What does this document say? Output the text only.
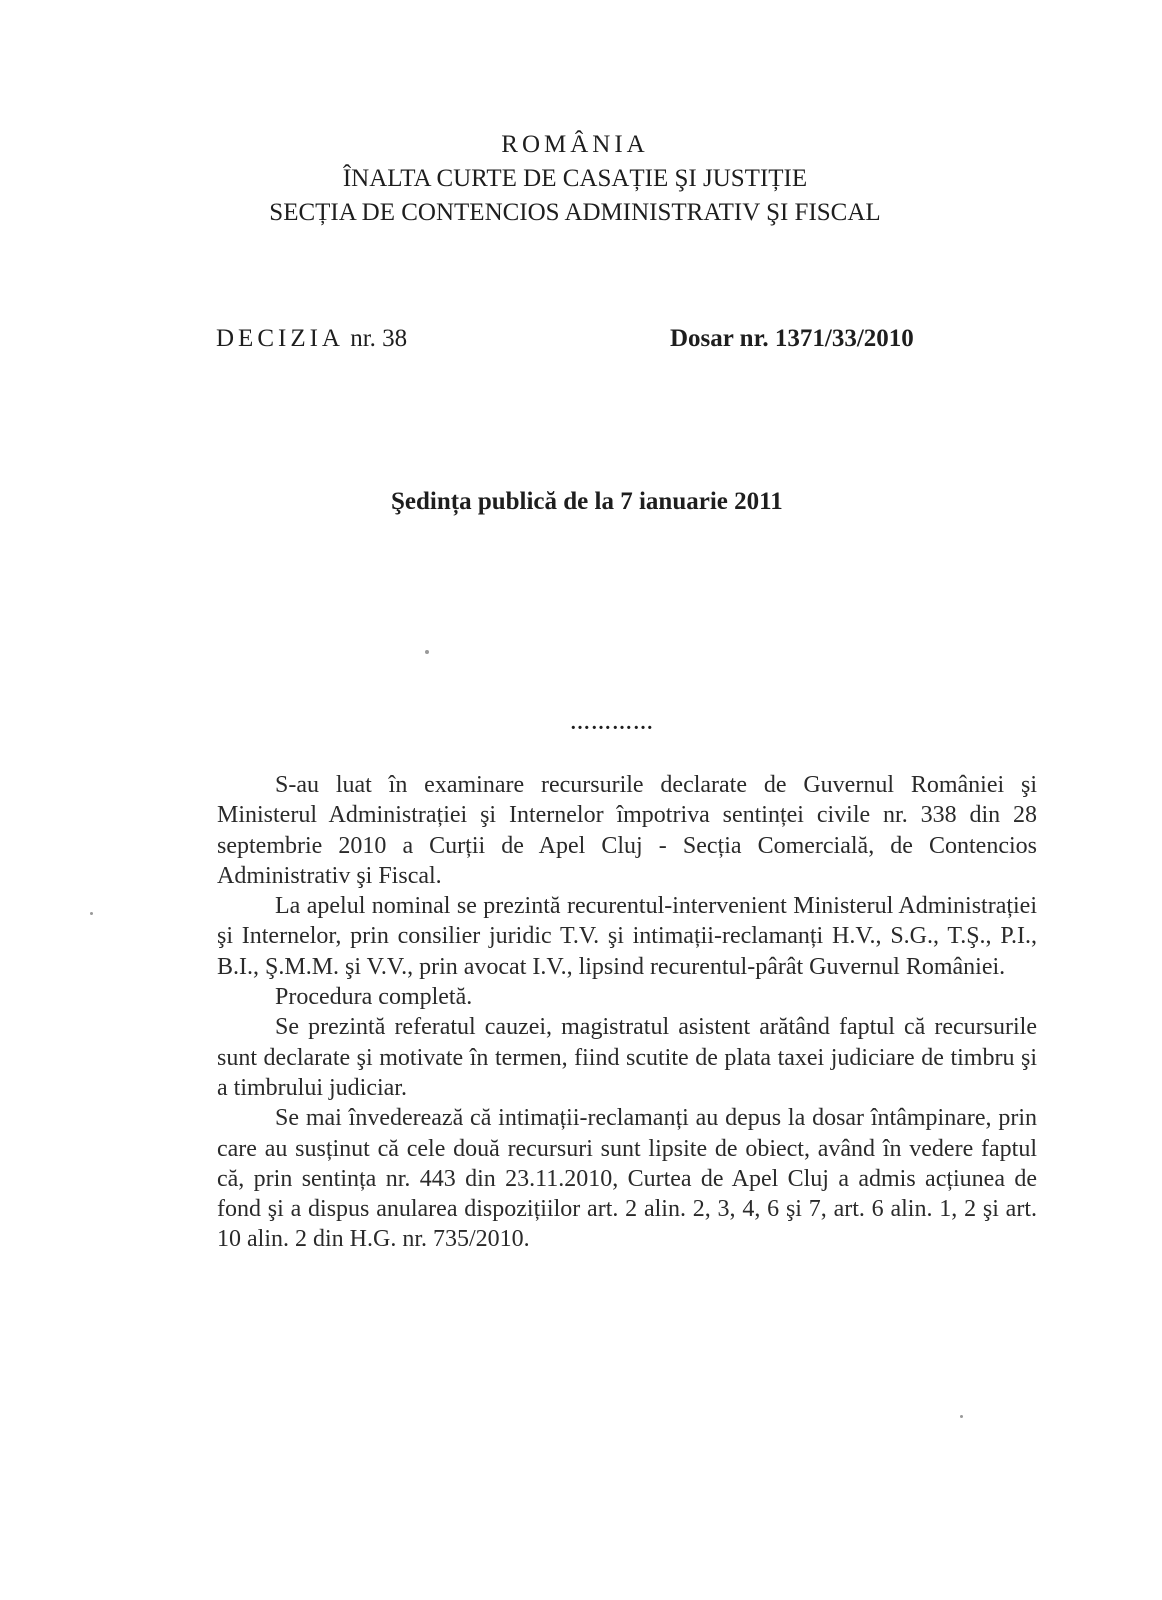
ROMÂNIA
ÎNALTA CURTE DE CASAȚIE ŞI JUSTIȚIE
SECȚIA DE CONTENCIOS ADMINISTRATIV ŞI FISCAL
DECIZIA nr. 38	Dosar nr. 1371/33/2010
Şedința publică de la 7 ianuarie 2011
…………

S-au luat în examinare recursurile declarate de Guvernul României şi Ministerul Administrației şi Internelor împotriva sentinței civile nr. 338 din 28 septembrie 2010 a Curții de Apel Cluj - Secția Comercială, de Contencios Administrativ şi Fiscal.

La apelul nominal se prezintă recurentul-intervenient Ministerul Administrației şi Internelor, prin consilier juridic T.V. şi intimații-reclamanți H.V., S.G., T.Ş., P.I., B.I., Ş.M.M. şi V.V., prin avocat I.V., lipsind recurentul-pârât Guvernul României.

Procedura completă.

Se prezintă referatul cauzei, magistratul asistent arătând faptul că recursurile sunt declarate şi motivate în termen, fiind scutite de plata taxei judiciare de timbru şi a timbrului judiciar.

Se mai învederează că intimații-reclamanți au depus la dosar întâmpinare, prin care au susținut că cele două recursuri sunt lipsite de obiect, având în vedere faptul că, prin sentința nr. 443 din 23.11.2010, Curtea de Apel Cluj a admis acțiunea de fond şi a dispus anularea dispozițiilor art. 2 alin. 2, 3, 4, 6 şi 7, art. 6 alin. 1, 2 şi art. 10 alin. 2 din H.G. nr. 735/2010.
